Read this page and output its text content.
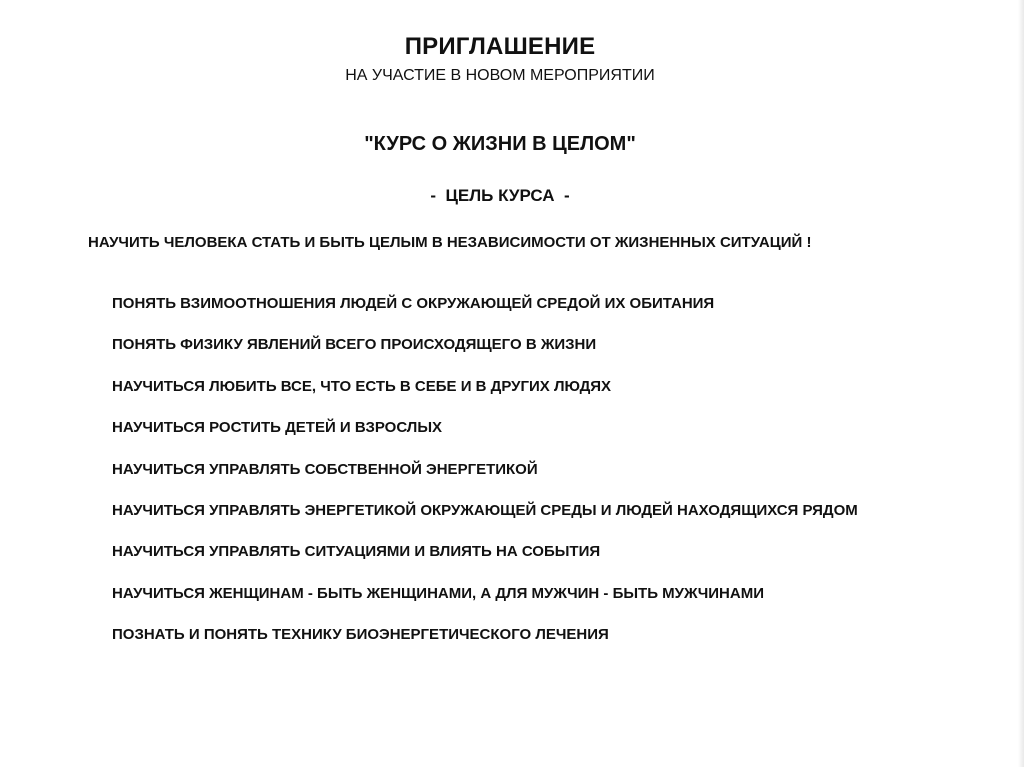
ПРИГЛАШЕНИЕ
НА УЧАСТИЕ В НОВОМ МЕРОПРИЯТИИ
"КУРС О ЖИЗНИ В ЦЕЛОМ"
-  ЦЕЛЬ КУРСА  -
НАУЧИТЬ ЧЕЛОВЕКА СТАТЬ И БЫТЬ ЦЕЛЫМ В НЕЗАВИСИМОСТИ ОТ ЖИЗНЕННЫХ СИТУАЦИЙ !
ПОНЯТЬ ВЗИМООТНОШЕНИЯ ЛЮДЕЙ С ОКРУЖАЮЩЕЙ СРЕДОЙ ИХ ОБИТАНИЯ
ПОНЯТЬ ФИЗИКУ ЯВЛЕНИЙ ВСЕГО ПРОИСХОДЯЩЕГО В ЖИЗНИ
НАУЧИТЬСЯ ЛЮБИТЬ ВСЕ, ЧТО ЕСТЬ В СЕБЕ И В ДРУГИХ ЛЮДЯХ
НАУЧИТЬСЯ РОСТИТЬ ДЕТЕЙ И ВЗРОСЛЫХ
НАУЧИТЬСЯ УПРАВЛЯТЬ СОБСТВЕННОЙ ЭНЕРГЕТИКОЙ
НАУЧИТЬСЯ УПРАВЛЯТЬ ЭНЕРГЕТИКОЙ ОКРУЖАЮЩЕЙ СРЕДЫ И ЛЮДЕЙ НАХОДЯЩИХСЯ РЯДОМ
НАУЧИТЬСЯ УПРАВЛЯТЬ СИТУАЦИЯМИ И ВЛИЯТЬ НА СОБЫТИЯ
НАУЧИТЬСЯ ЖЕНЩИНАМ - БЫТЬ ЖЕНЩИНАМИ, А ДЛЯ МУЖЧИН - БЫТЬ МУЖЧИНАМИ
ПОЗНАТЬ И ПОНЯТЬ ТЕХНИКУ БИОЭНЕРГЕТИЧЕСКОГО ЛЕЧЕНИЯ
